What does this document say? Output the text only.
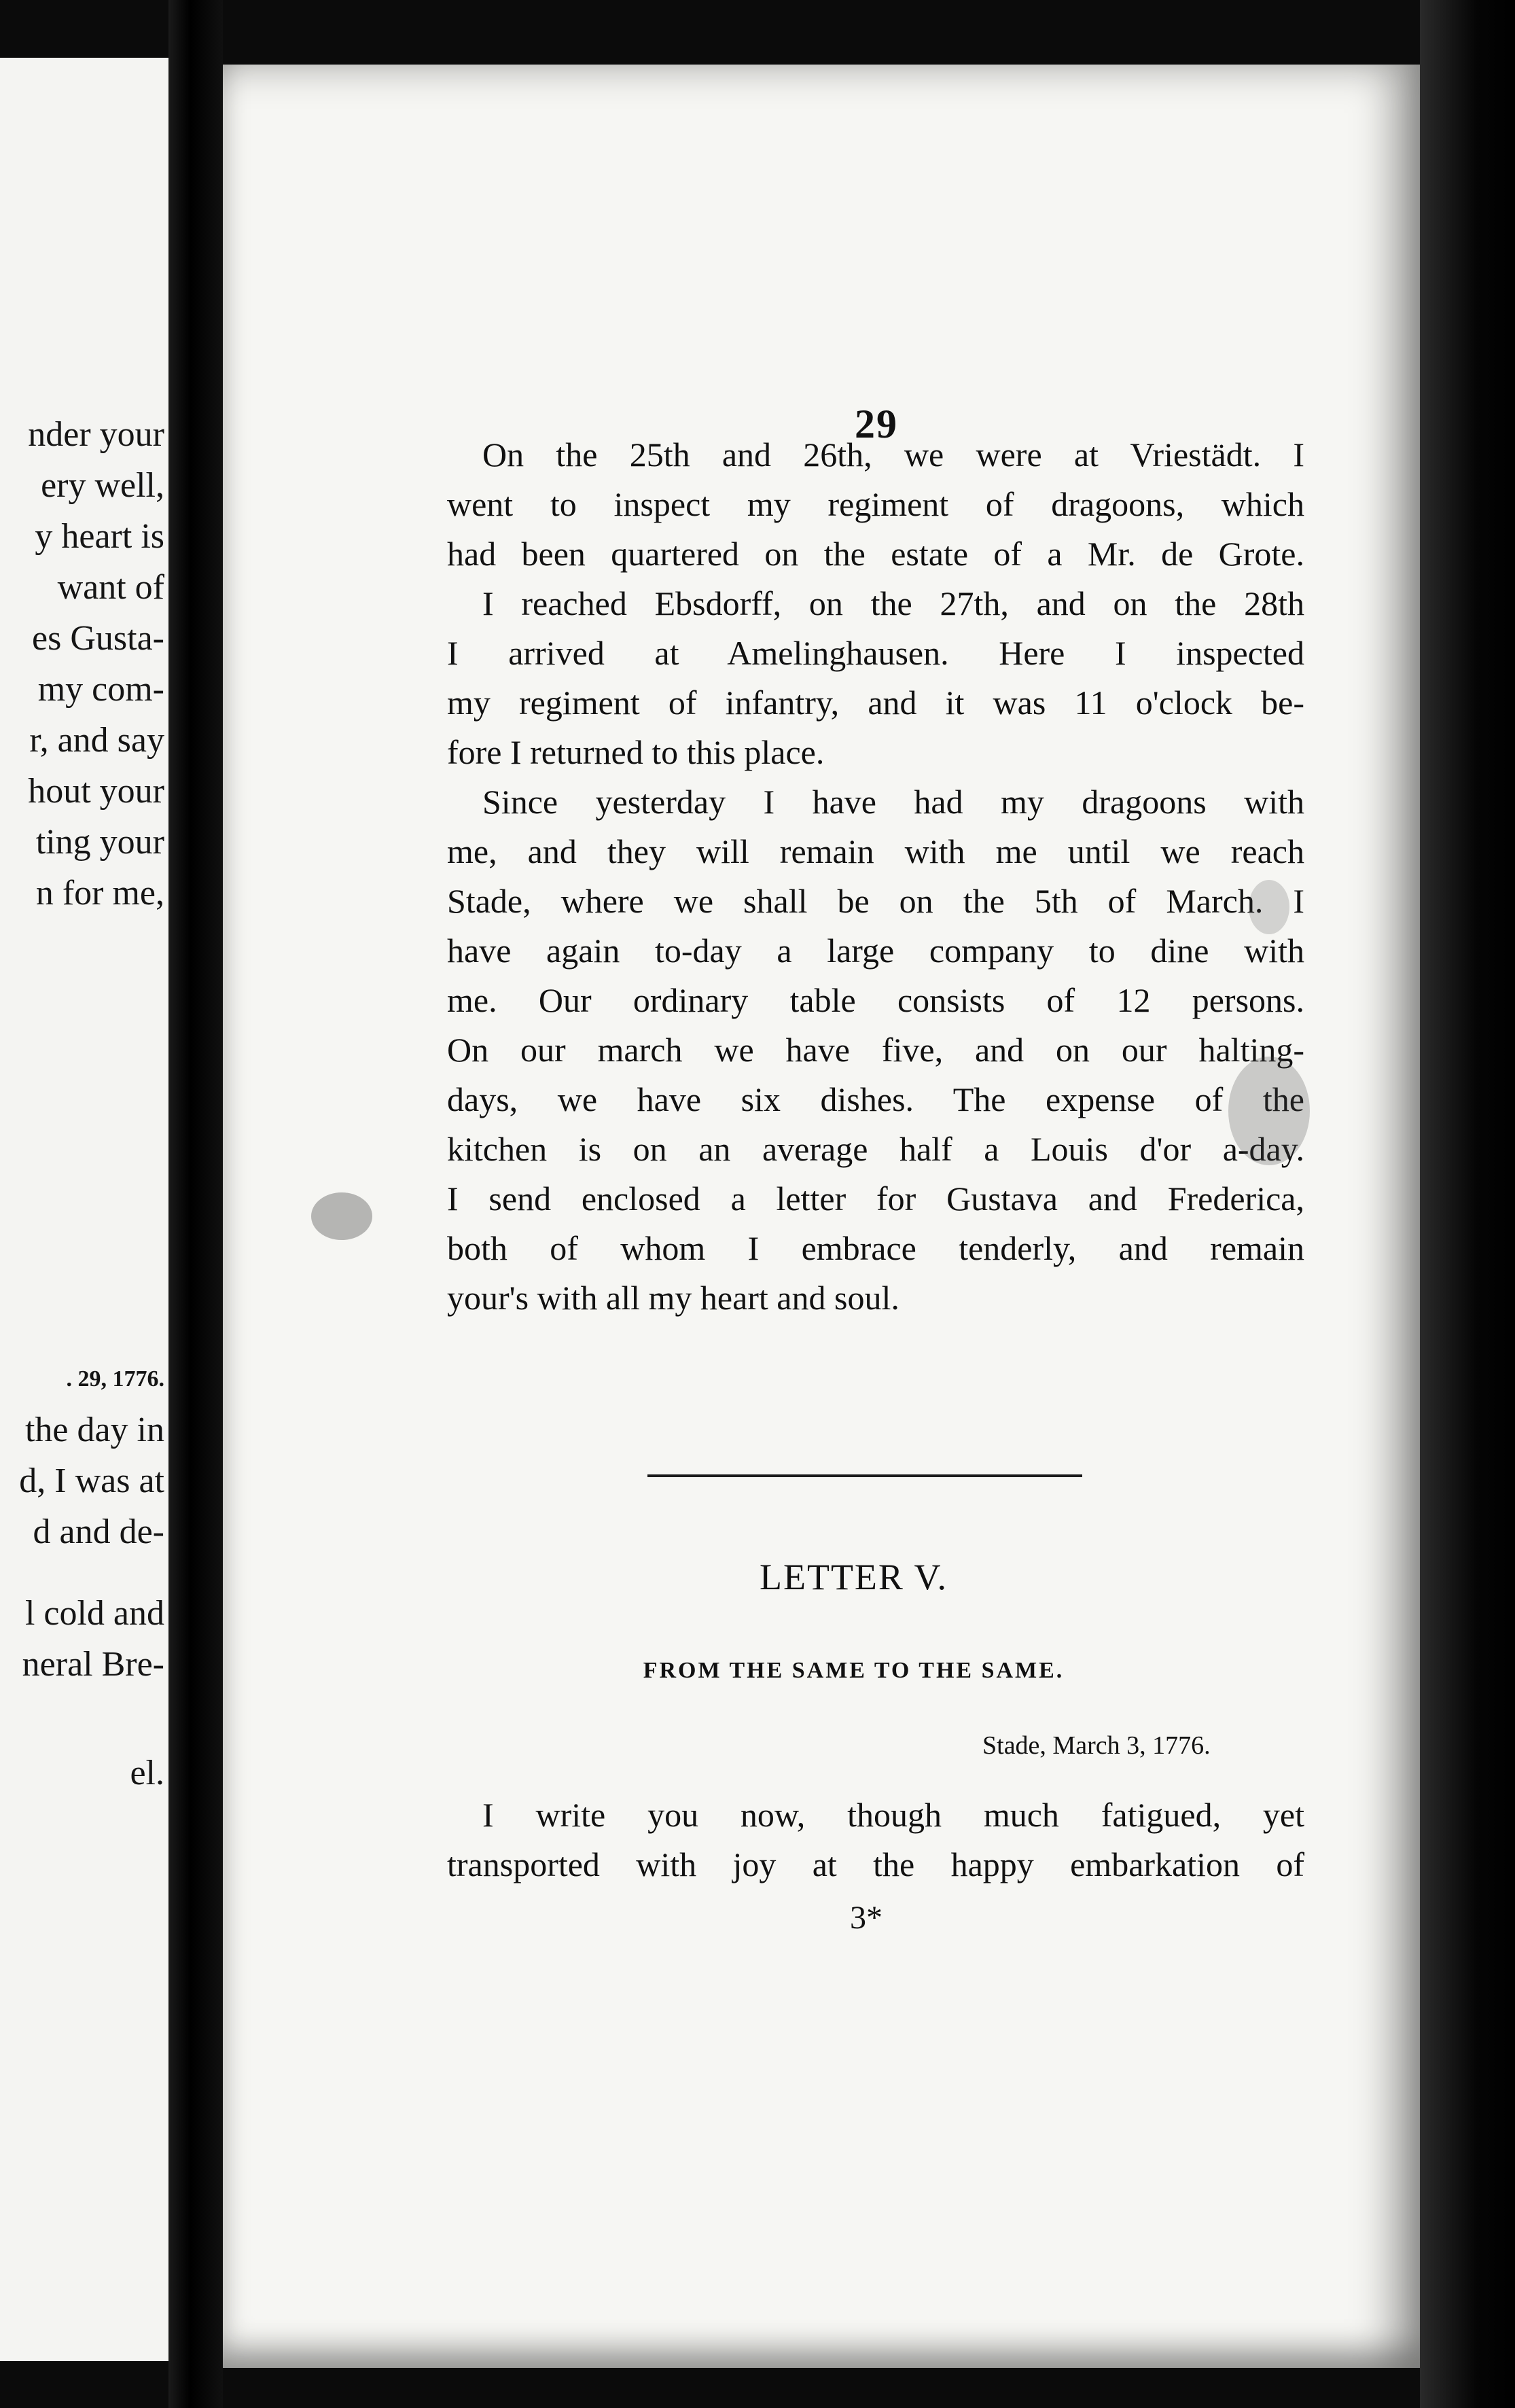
nder your
ery well,
y heart is
want of
es Gusta-
my com-
r, and say
hout your
ting your
n for me,
. 29, 1776.
the day in
d, I was at
d and de-
l cold and
neral Bre-
el.
29
On the 25th and 26th, we were at Vriestädt. I
went to inspect my regiment of dragoons, which
had been quartered on the estate of a Mr. de Grote.
I reached Ebsdorff, on the 27th, and on the 28th
I arrived at Amelinghausen. Here I inspected
my regiment of infantry, and it was 11 o'clock be-
fore I returned to this place.
Since yesterday I have had my dragoons with
me, and they will remain with me until we reach
Stade, where we shall be on the 5th of March. I
have again to-day a large company to dine with
me. Our ordinary table consists of 12 persons.
On our march we have five, and on our halting-
days, we have six dishes. The expense of the
kitchen is on an average half a Louis d'or a-day.
I send enclosed a letter for Gustava and Frederica,
both of whom I embrace tenderly, and remain
your's with all my heart and soul.
LETTER V.
FROM THE SAME TO THE SAME.
Stade, March 3, 1776.
I write you now, though much fatigued, yet
transported with joy at the happy embarkation of
3*
